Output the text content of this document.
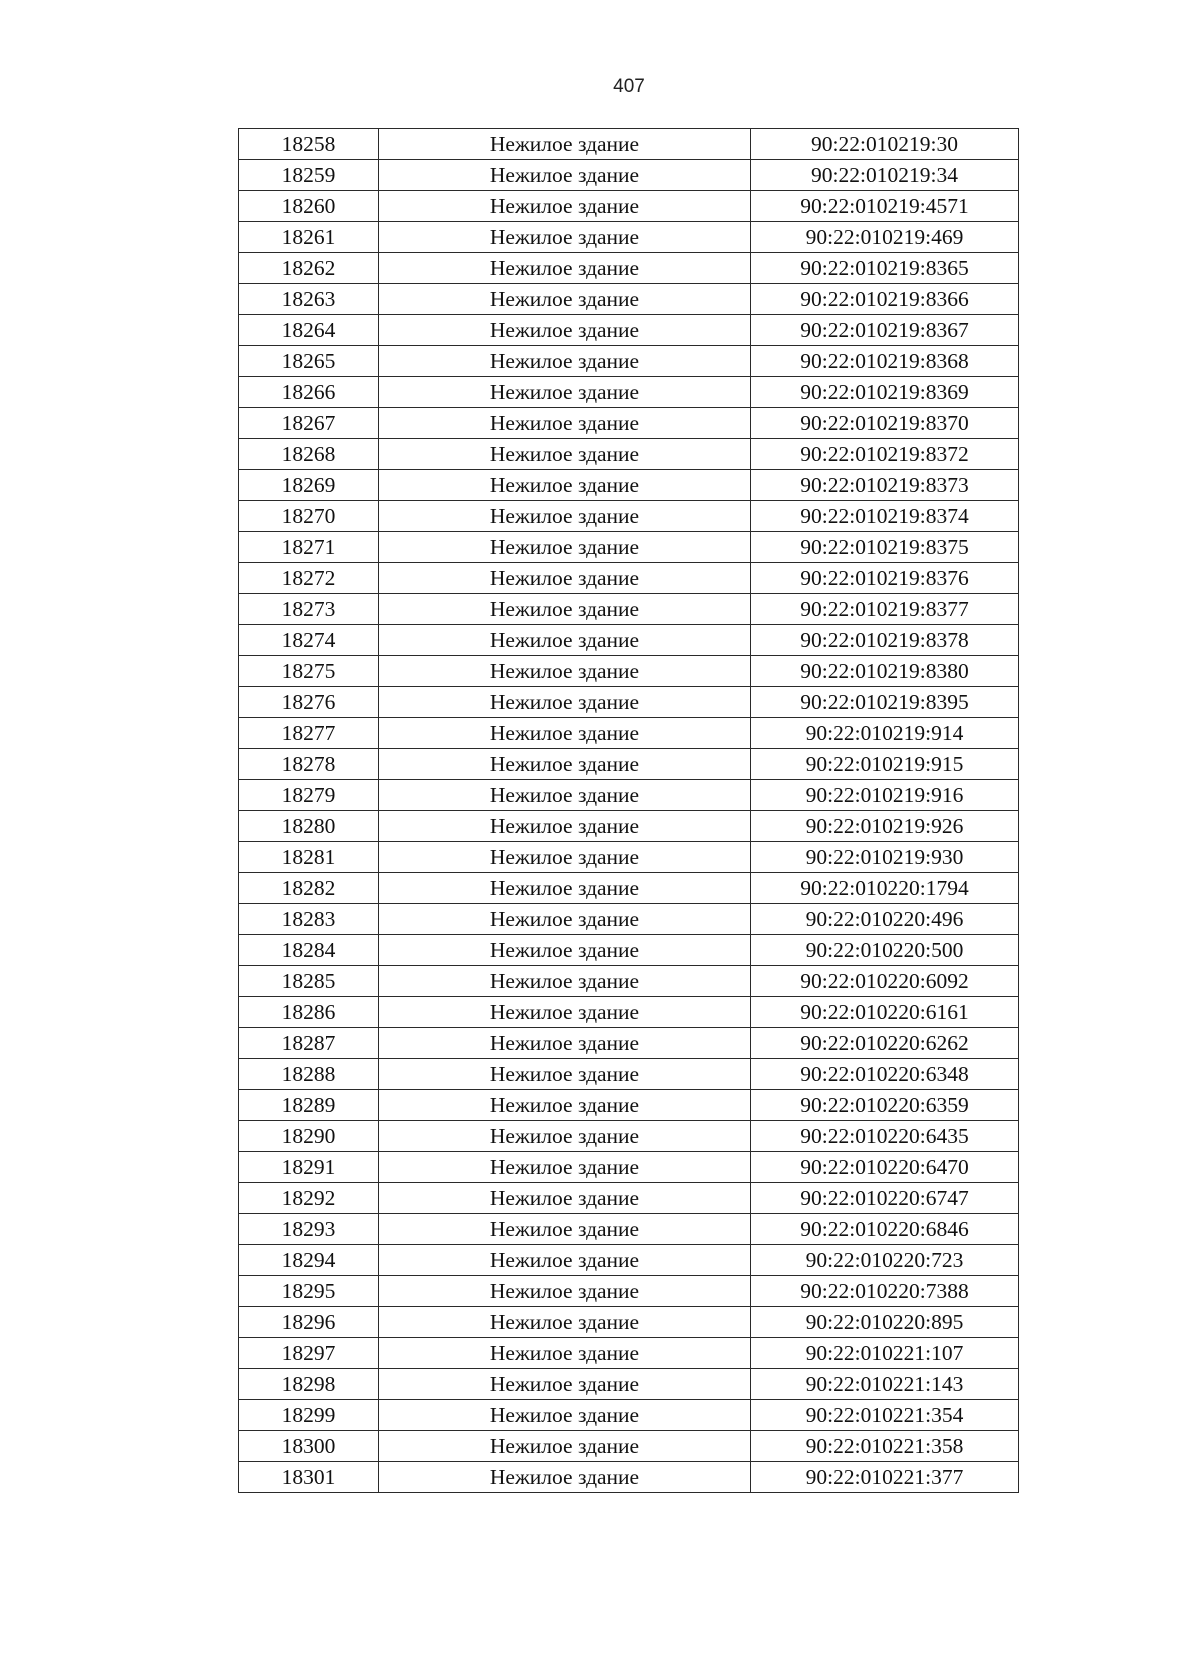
407
18258	Нежилое здание	90:22:010219:30
18259	Нежилое здание	90:22:010219:34
18260	Нежилое здание	90:22:010219:4571
18261	Нежилое здание	90:22:010219:469
18262	Нежилое здание	90:22:010219:8365
18263	Нежилое здание	90:22:010219:8366
18264	Нежилое здание	90:22:010219:8367
18265	Нежилое здание	90:22:010219:8368
18266	Нежилое здание	90:22:010219:8369
18267	Нежилое здание	90:22:010219:8370
18268	Нежилое здание	90:22:010219:8372
18269	Нежилое здание	90:22:010219:8373
18270	Нежилое здание	90:22:010219:8374
18271	Нежилое здание	90:22:010219:8375
18272	Нежилое здание	90:22:010219:8376
18273	Нежилое здание	90:22:010219:8377
18274	Нежилое здание	90:22:010219:8378
18275	Нежилое здание	90:22:010219:8380
18276	Нежилое здание	90:22:010219:8395
18277	Нежилое здание	90:22:010219:914
18278	Нежилое здание	90:22:010219:915
18279	Нежилое здание	90:22:010219:916
18280	Нежилое здание	90:22:010219:926
18281	Нежилое здание	90:22:010219:930
18282	Нежилое здание	90:22:010220:1794
18283	Нежилое здание	90:22:010220:496
18284	Нежилое здание	90:22:010220:500
18285	Нежилое здание	90:22:010220:6092
18286	Нежилое здание	90:22:010220:6161
18287	Нежилое здание	90:22:010220:6262
18288	Нежилое здание	90:22:010220:6348
18289	Нежилое здание	90:22:010220:6359
18290	Нежилое здание	90:22:010220:6435
18291	Нежилое здание	90:22:010220:6470
18292	Нежилое здание	90:22:010220:6747
18293	Нежилое здание	90:22:010220:6846
18294	Нежилое здание	90:22:010220:723
18295	Нежилое здание	90:22:010220:7388
18296	Нежилое здание	90:22:010220:895
18297	Нежилое здание	90:22:010221:107
18298	Нежилое здание	90:22:010221:143
18299	Нежилое здание	90:22:010221:354
18300	Нежилое здание	90:22:010221:358
18301	Нежилое здание	90:22:010221:377
